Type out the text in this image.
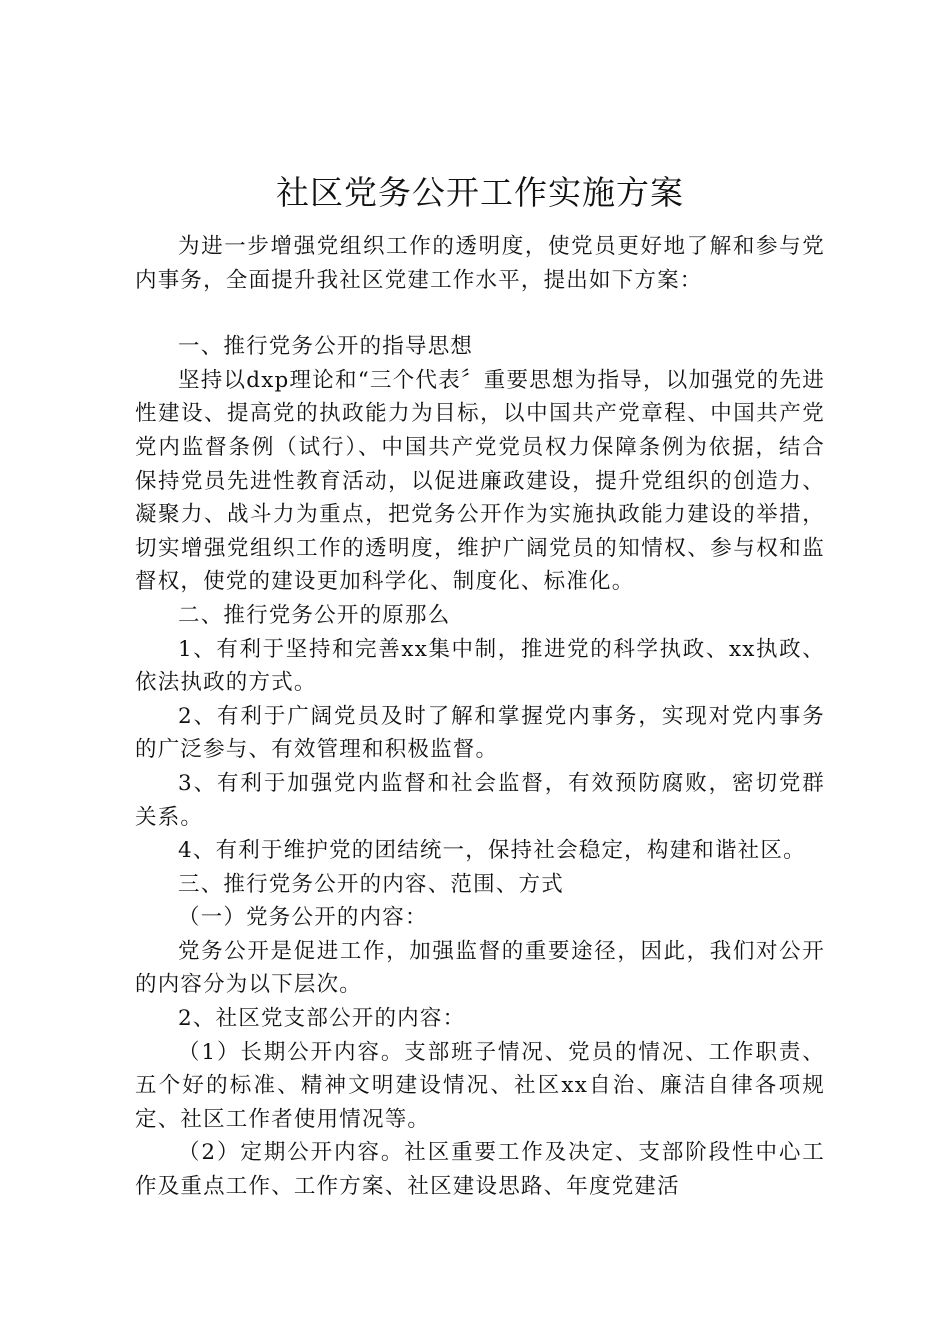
社区党务公开工作实施方案

为进一步增强党组织工作的透明度，使党员更好地了解和参与党内事务，全面提升我社区党建工作水平，提出如下方案：

一、推行党务公开的指导思想

坚持以dxp理论和“三个代表〞重要思想为指导，以加强党的先进性建设、提高党的执政能力为目标，以中国共产党章程、中国共产党党内监督条例（试行）、中国共产党党员权力保障条例为依据，结合保持党员先进性教育活动，以促进廉政建设，提升党组织的创造力、凝聚力、战斗力为重点，把党务公开作为实施执政能力建设的举措，切实增强党组织工作的透明度，维护广阔党员的知情权、参与权和监督权，使党的建设更加科学化、制度化、标准化。

二、推行党务公开的原那么

1、有利于坚持和完善xx集中制，推进党的科学执政、xx执政、依法执政的方式。

2、有利于广阔党员及时了解和掌握党内事务，实现对党内事务的广泛参与、有效管理和积极监督。

3、有利于加强党内监督和社会监督，有效预防腐败，密切党群关系。

4、有利于维护党的团结统一，保持社会稳定，构建和谐社区。

三、推行党务公开的内容、范围、方式

（一）党务公开的内容：

党务公开是促进工作，加强监督的重要途径，因此，我们对公开的内容分为以下层次。

2、社区党支部公开的内容：

（1）长期公开内容。支部班子情况、党员的情况、工作职责、五个好的标准、精神文明建设情况、社区xx自治、廉洁自律各项规定、社区工作者使用情况等。

（2）定期公开内容。社区重要工作及决定、支部阶段性中心工作及重点工作、工作方案、社区建设思路、年度党建活
